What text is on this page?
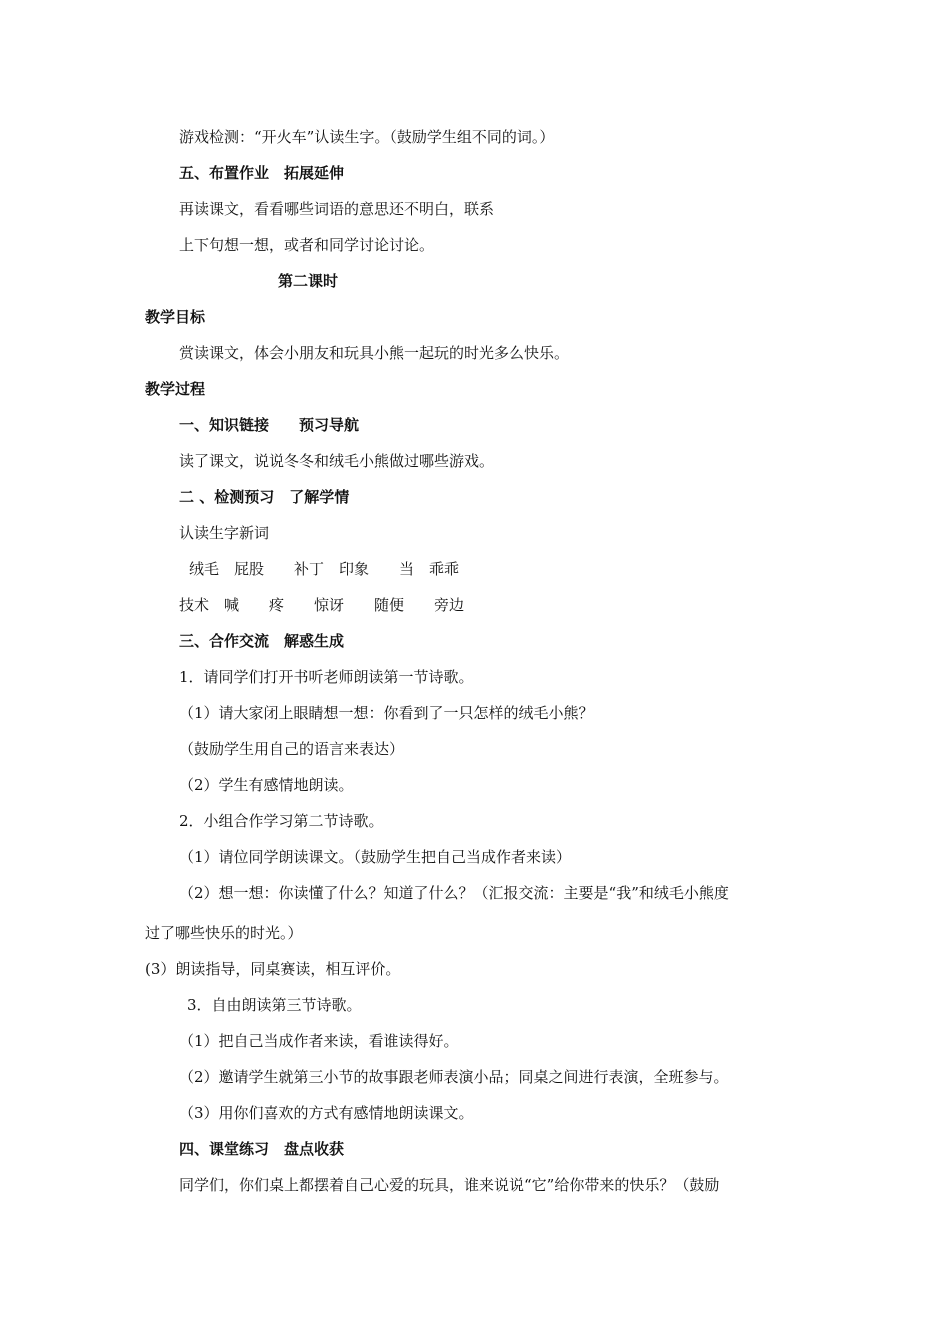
游戏检测：“开火车”认读生字。（鼓励学生组不同的词。）
五、布置作业　拓展延伸
再读课文，看看哪些词语的意思还不明白，联系
上下句想一想，或者和同学讨论讨论。
第二课时
教学目标
赏读课文，体会小朋友和玩具小熊一起玩的时光多么快乐。
教学过程
一、知识链接　　预习导航
读了课文，说说冬冬和绒毛小熊做过哪些游戏。
二 、检测预习　了解学情
认读生字新词
绒毛　屁股　　补丁　印象　　当　乖乖
技术　喊　　疼　　惊讶　　随便　　旁边
三、合作交流　解惑生成
1．请同学们打开书听老师朗读第一节诗歌。
（1）请大家闭上眼睛想一想：你看到了一只怎样的绒毛小熊？
（鼓励学生用自己的语言来表达）
（2）学生有感情地朗读。
2．小组合作学习第二节诗歌。
（1）请位同学朗读课文。（鼓励学生把自己当成作者来读）
（2）想一想：你读懂了什么？知道了什么？（汇报交流：主要是“我”和绒毛小熊度
过了哪些快乐的时光。）
(3）朗读指导，同桌赛读，相互评价。
3．自由朗读第三节诗歌。
（1）把自己当成作者来读，看谁读得好。
（2）邀请学生就第三小节的故事跟老师表演小品；同桌之间进行表演，全班参与。
（3）用你们喜欢的方式有感情地朗读课文。
四、课堂练习　盘点收获
同学们，你们桌上都摆着自己心爱的玩具，谁来说说“它”给你带来的快乐？（鼓励
